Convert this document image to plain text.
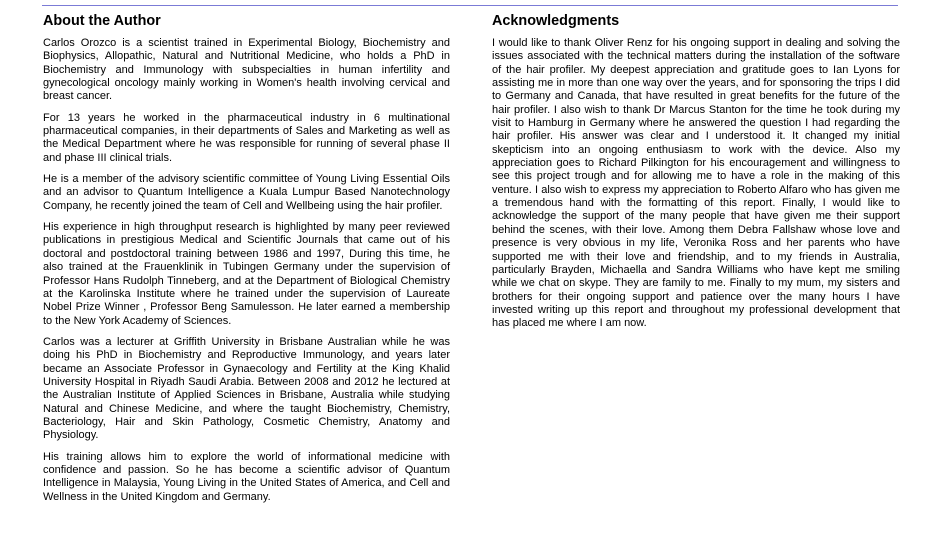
About the Author

Carlos Orozco is a scientist trained in Experimental Biology, Biochemistry and Biophysics, Allopathic, Natural and Nutritional Medicine, who holds a PhD in Biochemistry and Immunology with subspecialties in human infertility and gynecological oncology mainly working in Women's health involving cervical and breast cancer.

For 13 years he worked in the pharmaceutical industry in 6 multinational pharmaceutical companies, in their departments of Sales and Marketing as well as the Medical Department where he was responsible for running of several phase II and phase III clinical trials.

He is a member of the advisory scientific committee of Young Living Essential Oils and an advisor to Quantum Intelligence a Kuala Lumpur Based Nanotechnology Company, he recently joined the team of Cell and Wellbeing using the hair profiler.

His experience in high throughput research is highlighted by many peer reviewed publications in prestigious Medical and Scientific Journals that came out of his doctoral and postdoctoral training between 1986 and 1997, During this time, he also trained at the Frauenklinik in Tubingen Germany under the supervision of Professor Hans Rudolph Tinneberg, and at the Department of Biological Chemistry at the Karolinska Institute where he trained under the supervision of Laureate Nobel Prize Winner , Professor Beng Samulesson. He later earned a membership to the New York Academy of Sciences.

Carlos was a lecturer at Griffith University in Brisbane Australian while he was doing his PhD in Biochemistry and Reproductive Immunology, and years later became an Associate Professor in Gynaecology and Fertility at the King Khalid University Hospital in Riyadh Saudi Arabia. Between 2008 and 2012 he lectured at the Australian Institute of Applied Sciences in Brisbane, Australia while studying Natural and Chinese Medicine, and where the taught Biochemistry, Chemistry, Bacteriology, Hair and Skin Pathology, Cosmetic Chemistry, Anatomy and Physiology.

His training allows him to explore the world of informational medicine with confidence and passion. So he has become a scientific advisor of Quantum Intelligence in Malaysia, Young Living in the United States of America, and Cell and Wellness in the United Kingdom and Germany.

Acknowledgments

I would like to thank Oliver Renz for his ongoing support in dealing and solving the issues associated with the technical matters during the installation of the software of the hair profiler. My deepest appreciation and gratitude goes to Ian Lyons for assisting me in more than one way over the years, and for sponsoring the trips I did to Germany and Canada, that have resulted in great benefits for the future of the hair profiler. I also wish to thank Dr Marcus Stanton for the time he took during my visit to Hamburg in Germany where he answered the question I had regarding the hair profiler. His answer was clear and I understood it. It changed my initial skepticism into an ongoing enthusiasm to work with the device. Also my appreciation goes to Richard Pilkington for his encouragement and willingness to see this project trough and for allowing me to have a role in the making of this venture. I also wish to express my appreciation to Roberto Alfaro who has given me a tremendous hand with the formatting of this report. Finally, I would like to acknowledge the support of the many people that have given me their support behind the scenes, with their love. Among them Debra Fallshaw whose love and presence is very obvious in my life, Veronika Ross and her parents who have supported me with their love and friendship, and to my friends in Australia, particularly Brayden, Michaella and Sandra Williams who have kept me smiling while we chat on skype. They are family to me. Finally to my mum, my sisters and brothers for their ongoing support and patience over the many hours I have invested writing up this report and throughout my professional development that has placed me where I am now.
